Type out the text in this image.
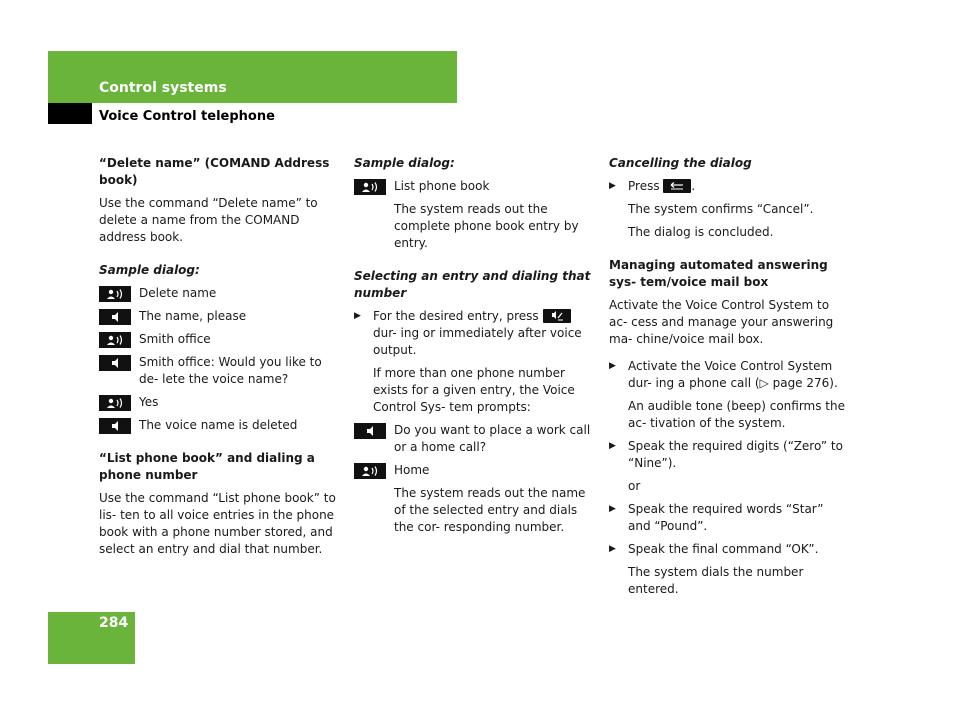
Control systems
Voice Control telephone
“Delete name” (COMAND Address book)

Use the command “Delete name” to delete a name from the COMAND address book.

Sample dialog:
Delete name
The name, please
Smith office
Smith office: Would you like to de- lete the voice name?
Yes
The voice name is deleted
“List phone book” and dialing a phone number

Use the command “List phone book” to lis- ten to all voice entries in the phone book with a phone number stored, and select an entry and dial that number.

Sample dialog:
List phone book

The system reads out the complete phone book entry by entry.

Selecting an entry and dialing that number
▶	For the desired entry, press
dur- ing or immediately after voice output.

If more than one phone number exists for a given entry, the Voice Control Sys- tem prompts:

Do you want to place a work call or a home call?
Home

The system reads out the name of the selected entry and dials the cor- responding number.

Cancelling the dialog
▶	Press	.

The system confirms “Cancel”.

The dialog is concluded.

Managing automated answering sys- tem/voice mail box

Activate the Voice Control System to ac- cess and manage your answering ma- chine/voice mail box.

▶	Activate the Voice Control System dur- ing a phone call (▷ page 276).

An audible tone (beep) confirms the ac- tivation of the system.

▶	Speak the required digits (“Zero” to “Nine”).

or

▶	Speak the required words “Star” and “Pound”.
▶	Speak the final command “OK”.

The system dials the number entered.

284
